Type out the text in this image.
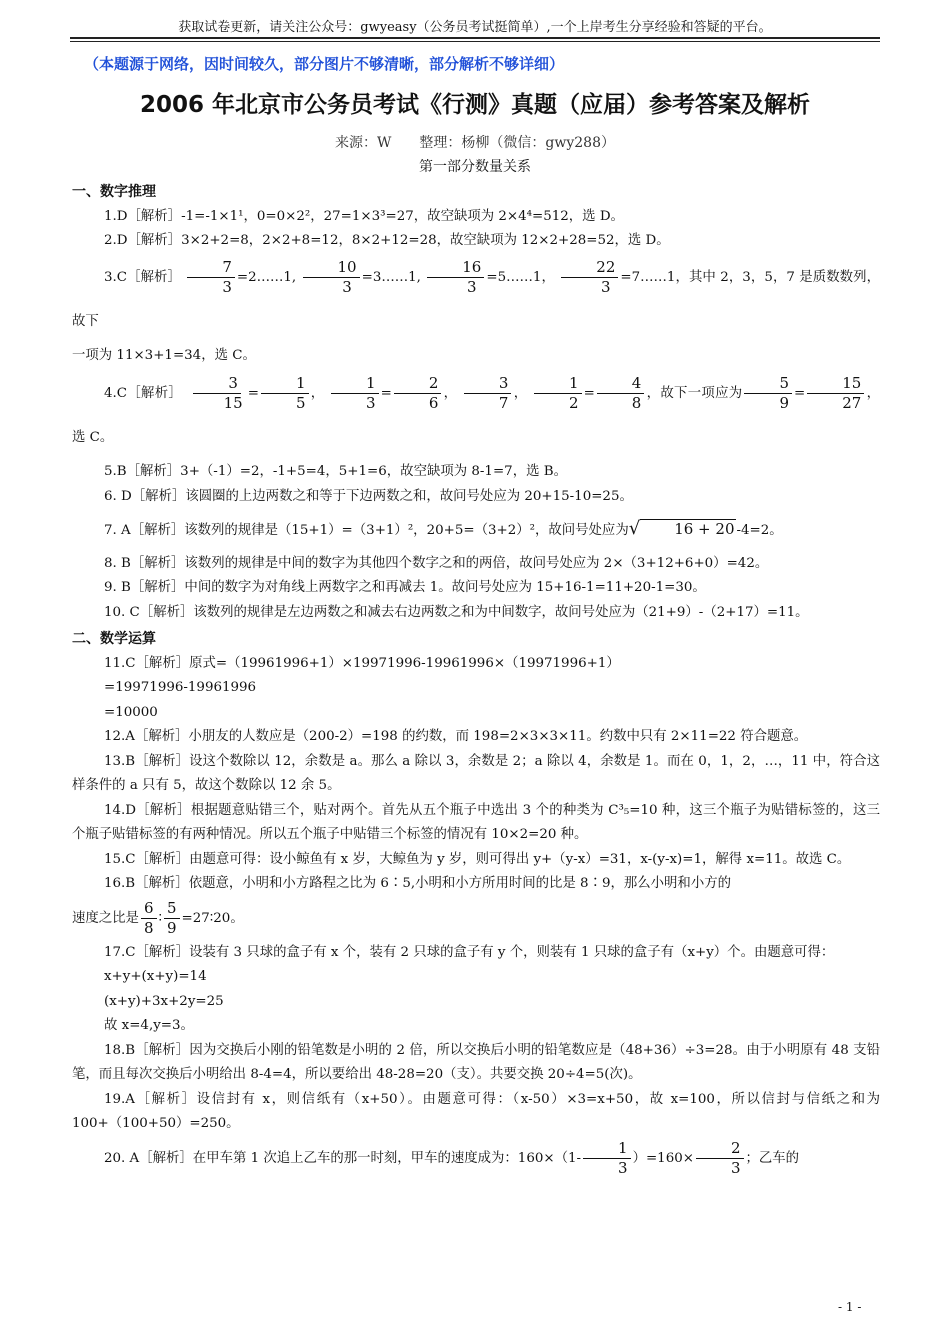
获取试卷更新，请关注公众号：gwyeasy（公务员考试挺简单）,一个上岸考生分享经验和答疑的平台。
（本题源于网络，因时间较久，部分图片不够清晰，部分解析不够详细）
2006 年北京市公务员考试《行测》真题（应届）参考答案及解析
来源：W　　整理：杨柳（微信：gwy288）
第一部分数量关系
一、数字推理

1.D［解析］-1=-1×1¹，0=0×2²，27=1×3³=27，故空缺项为 2×4⁴=512，选 D。

2.D［解析］3×2+2=8，2×2+8=12，8×2+12=28，故空缺项为 12×2+28=52，选 D。

3.C［解析］ $\frac{7}{3}$ =2……1, $\frac{10}{3}$ =3……1, $\frac{16}{3}$ =5……1， $\frac{22}{3}$ =7……1，其中 2，3，5，7 是质数数列，故下

一项为 11×3+1=34，选 C。

4.C［解析］ $\frac{3}{15} = \frac{1}{5}$ ， $\frac{1}{3} = \frac{2}{6}$ ， $\frac{3}{7}$ ， $\frac{1}{2} = \frac{4}{8}$ ，故下一项应为 $\frac{5}{9} = \frac{15}{27}$ ，选 C。

5.B［解析］3+（-1）=2，-1+5=4，5+1=6，故空缺项为 8-1=7，选 B。

6. D［解析］该圆圈的上边两数之和等于下边两数之和，故问号处应为 20+15-10=25。

7. A［解析］该数列的规律是（15+1）=（3+1）²，20+5=（3+2）²，故问号处应为√ 16 + 20 -4=2。

8. B［解析］该数列的规律是中间的数字为其他四个数字之和的两倍，故问号处应为 2×（3+12+6+0）=42。

9. B［解析］中间的数字为对角线上两数字之和再减去 1。故问号处应为 15+16-1=11+20-1=30。

10. C［解析］该数列的规律是左边两数之和减去右边两数之和为中间数字，故问号处应为（21+9）-（2+17）=11。

二、数学运算

11.C［解析］原式=（19961996+1）×19971996-19961996×（19971996+1）

=19971996-19961996

=10000

12.A［解析］小朋友的人数应是（200-2）=198 的约数，而 198=2×3×3×11。约数中只有 2×11=22 符合题意。

13.B［解析］设这个数除以 12，余数是 a。那么 a 除以 3，余数是 2；a 除以 4，余数是 1。而在 0，1，2，…，11 中，符合这样条件的 a 只有 5，故这个数除以 12 余 5。

14.D［解析］根据题意贴错三个，贴对两个。首先从五个瓶子中选出 3 个的种类为 C³₅=10 种，这三个瓶子为贴错标签的，这三个瓶子贴错标签的有两种情况。所以五个瓶子中贴错三个标签的情况有 10×2=20 种。

15.C［解析］由题意可得：设小鲸鱼有 x 岁，大鲸鱼为 y 岁，则可得出 y+（y-x）=31，x-(y-x)=1，解得 x=11。故选 C。

16.B［解析］依题意，小明和小方路程之比为 6∶5,小明和小方所用时间的比是 8∶9，那么小明和小方的

速度之比是 $\frac{6}{8}$ ∶ $\frac{5}{9}$ =27∶20。

17.C［解析］设装有 3 只球的盒子有 x 个，装有 2 只球的盒子有 y 个，则装有 1 只球的盒子有（x+y）个。由题意可得：

x+y+(x+y)=14

(x+y)+3x+2y=25

故 x=4,y=3。

18.B［解析］因为交换后小刚的铅笔数是小明的 2 倍，所以交换后小明的铅笔数应是（48+36）÷3=28。由于小明原有 48 支铅笔，而且每次交换后小明给出 8-4=4，所以要给出 48-28=20（支）。共要交换 20÷4=5(次)。

19.A［解析］设信封有 x，则信纸有（x+50）。由题意可得：（x-50）×3=x+50，故 x=100，所以信封与信纸之和为 100+（100+50）=250。

20. A［解析］在甲车第 1 次追上乙车的那一时刻，甲车的速度成为：$160\times(1- \frac{1}{3} )=160\times \frac{2}{3}$ ；乙车的

- 1 -
